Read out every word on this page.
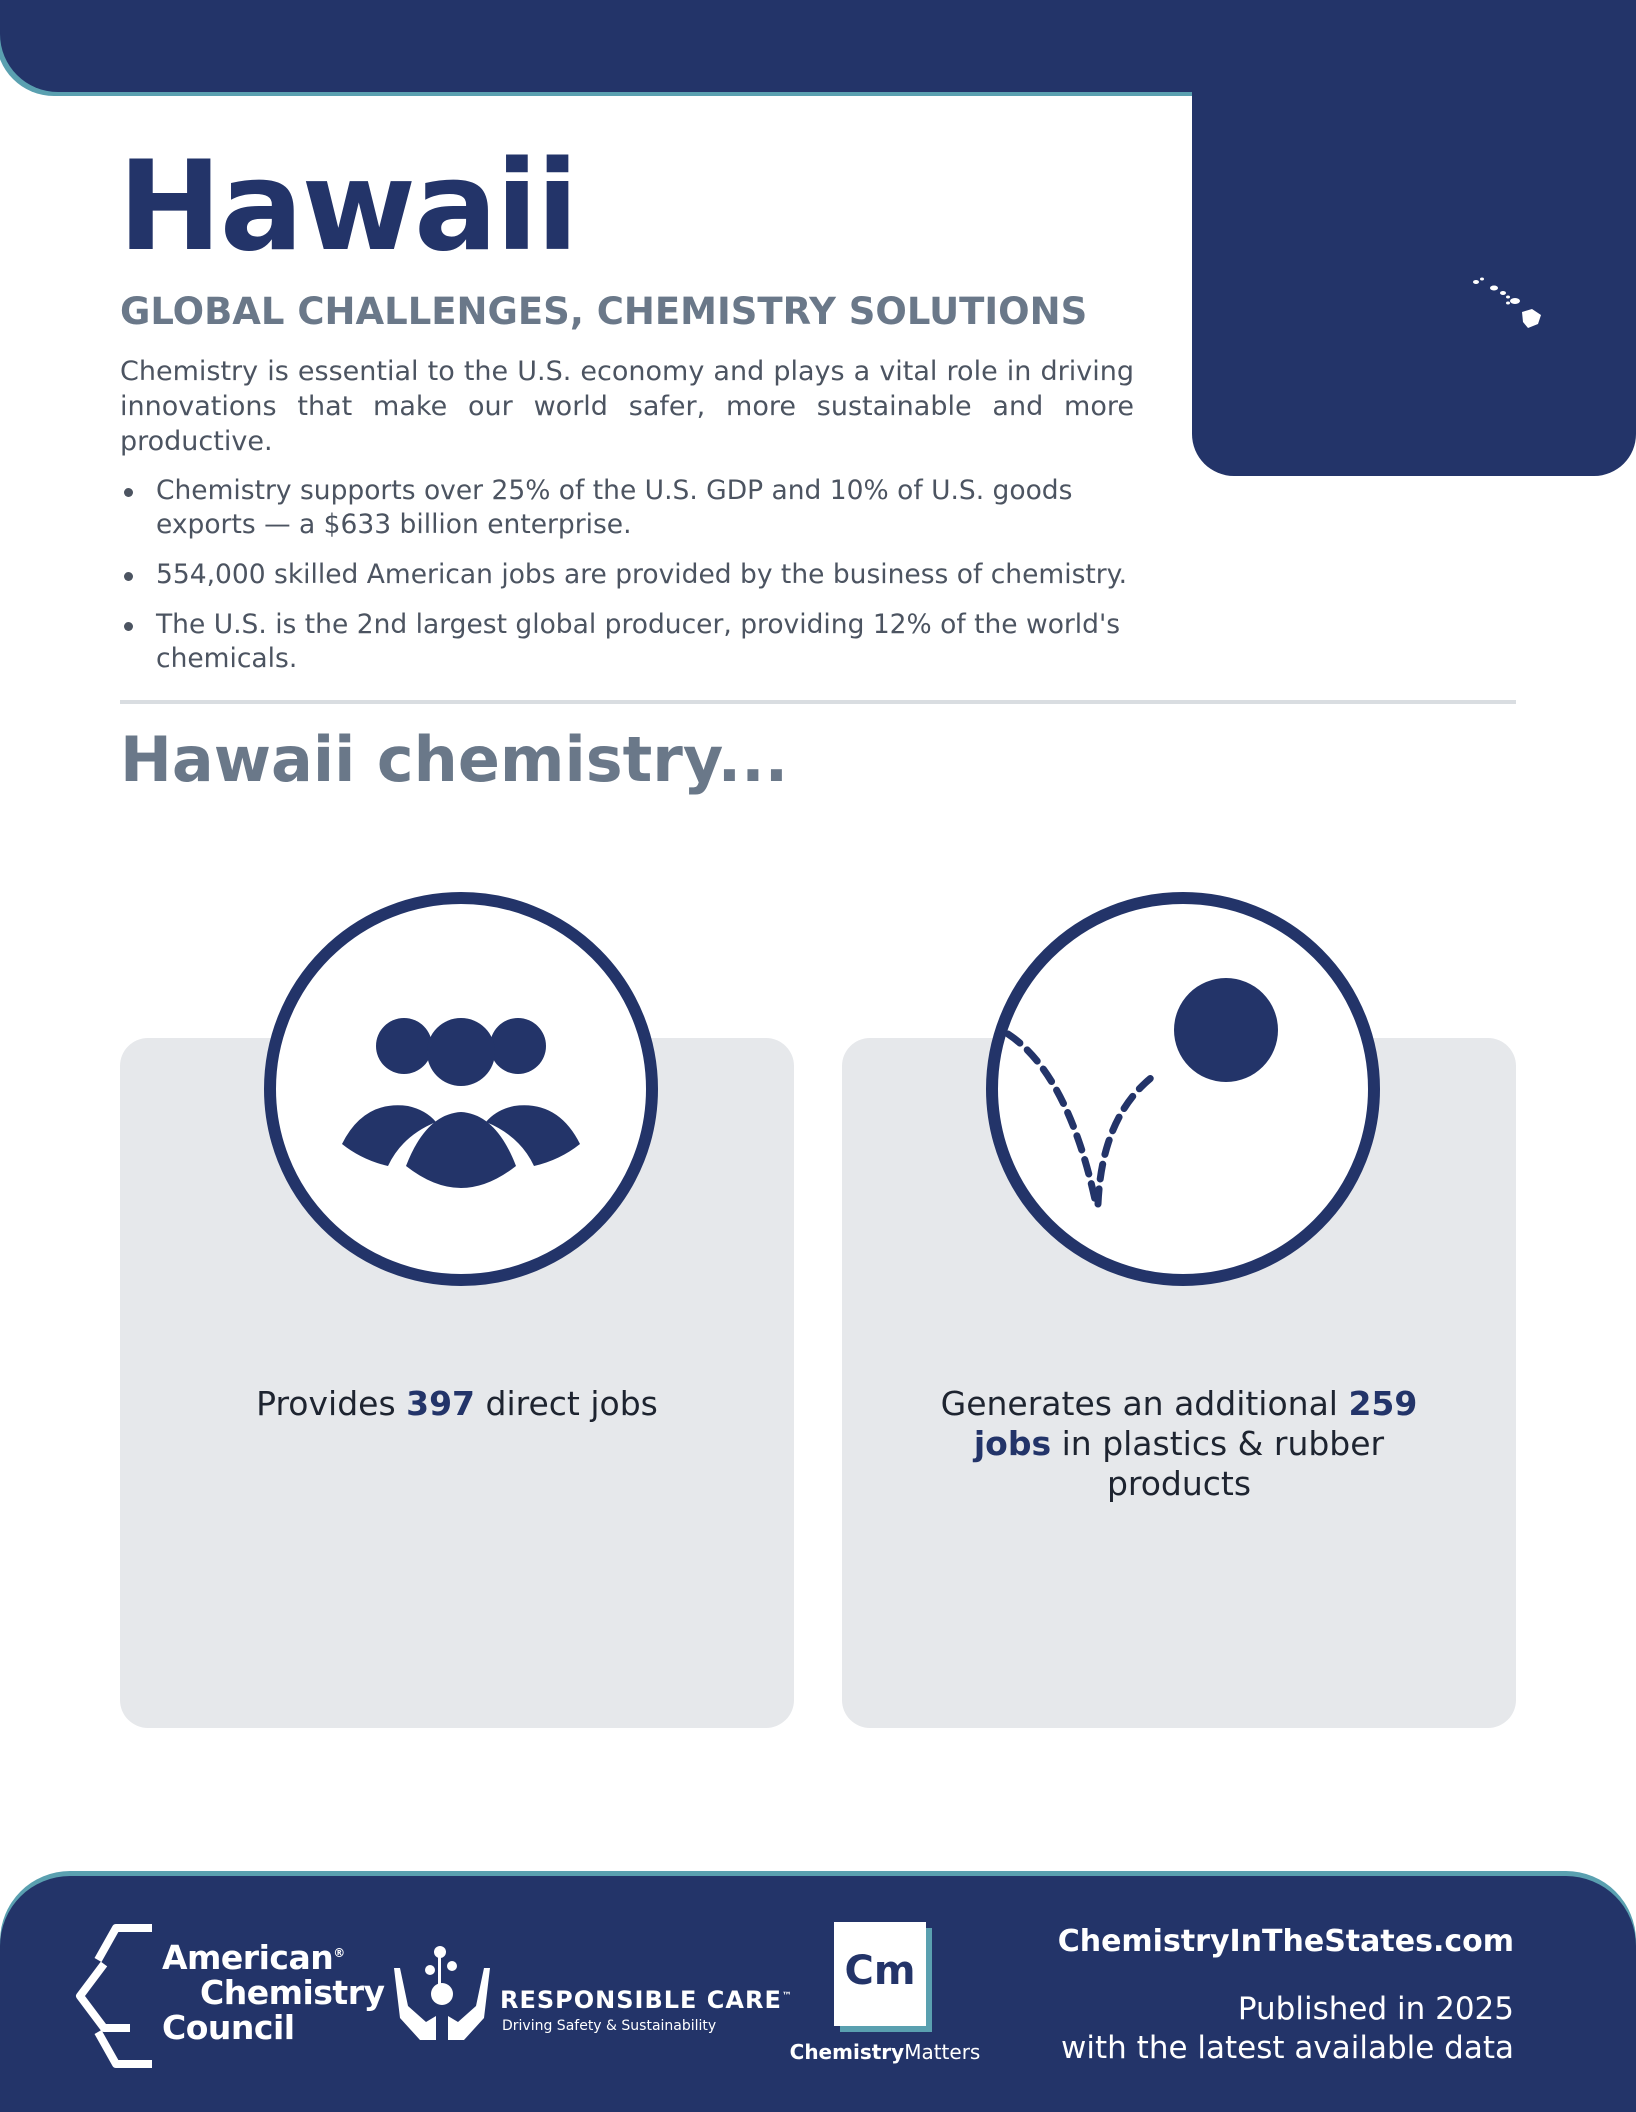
Hawaii
GLOBAL CHALLENGES, CHEMISTRY SOLUTIONS

Chemistry is essential to the U.S. economy and plays a vital role in driving innovations that make our world safer, more sustainable and more productive.

Chemistry supports over 25% of the U.S. GDP and 10% of U.S. goods exports — a $633 billion enterprise.
554,000 skilled American jobs are provided by the business of chemistry.
The U.S. is the 2nd largest global producer, providing 12% of the world's chemicals.
Hawaii chemistry...
Provides 397 direct jobs	Generates an additional 259 jobs in plastics & rubber products
American®
Chemistry
Council
RESPONSIBLE CARE™
Driving Safety & Sustainability
Cm
ChemistryMatters
ChemistryInTheStates.com
Published in 2025
with the latest available data
